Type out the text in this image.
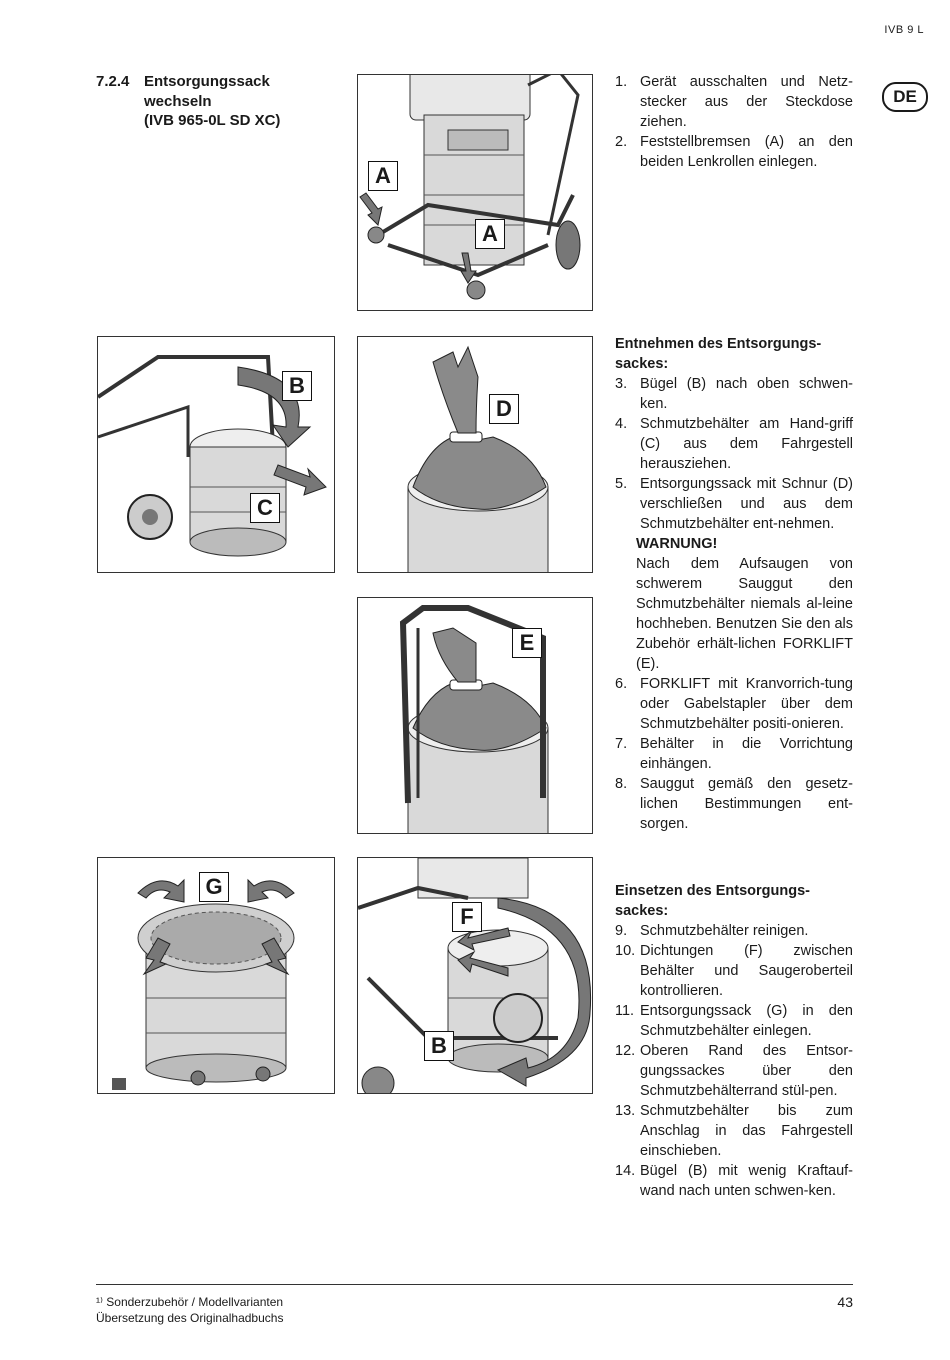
IVB 9 L
DE
7.2.4 Entsorgungssack
wechseln
(IVB 965-0L SD XC)
A
A
B
C
D
E
G
F
B
1. Gerät ausschalten und Netz-stecker aus der Steckdose ziehen.
2. Feststellbremsen (A) an den beiden Lenkrollen einlegen.

Entnehmen des Entsorgungs-sackes:

3. Bügel (B) nach oben schwen-ken.
4. Schmutzbehälter am Hand-griff (C) aus dem Fahrgestell herausziehen.
5. Entsorgungssack mit Schnur (D) verschließen und aus dem Schmutzbehälter ent-nehmen.
WARNUNG!
Nach dem Aufsaugen von schwerem Sauggut den Schmutzbehälter niemals al-leine hochheben. Benutzen Sie den als Zubehör erhält-lichen FORKLIFT (E).
6. FORKLIFT mit Kranvorrich-tung oder Gabelstapler über dem Schmutzbehälter positi-onieren.
7. Behälter in die Vorrichtung einhängen.
8. Sauggut gemäß den gesetz-lichen Bestimmungen ent-sorgen.

Einsetzen des Entsorgungs-sackes:

9. Schmutzbehälter reinigen.
10. Dichtungen (F) zwischen Behälter und Saugeroberteil kontrollieren.
11. Entsorgungssack (G) in den Schmutzbehälter einlegen.
12. Oberen Rand des Entsor-gungssackes über den Schmutzbehälterrand stül-pen.
13. Schmutzbehälter bis zum Anschlag in das Fahrgestell einschieben.
14. Bügel (B) mit wenig Kraftauf-wand nach unten schwen-ken.
¹⁾ Sonderzubehör / Modellvarianten
Übersetzung des Originalhadbuchs
43
